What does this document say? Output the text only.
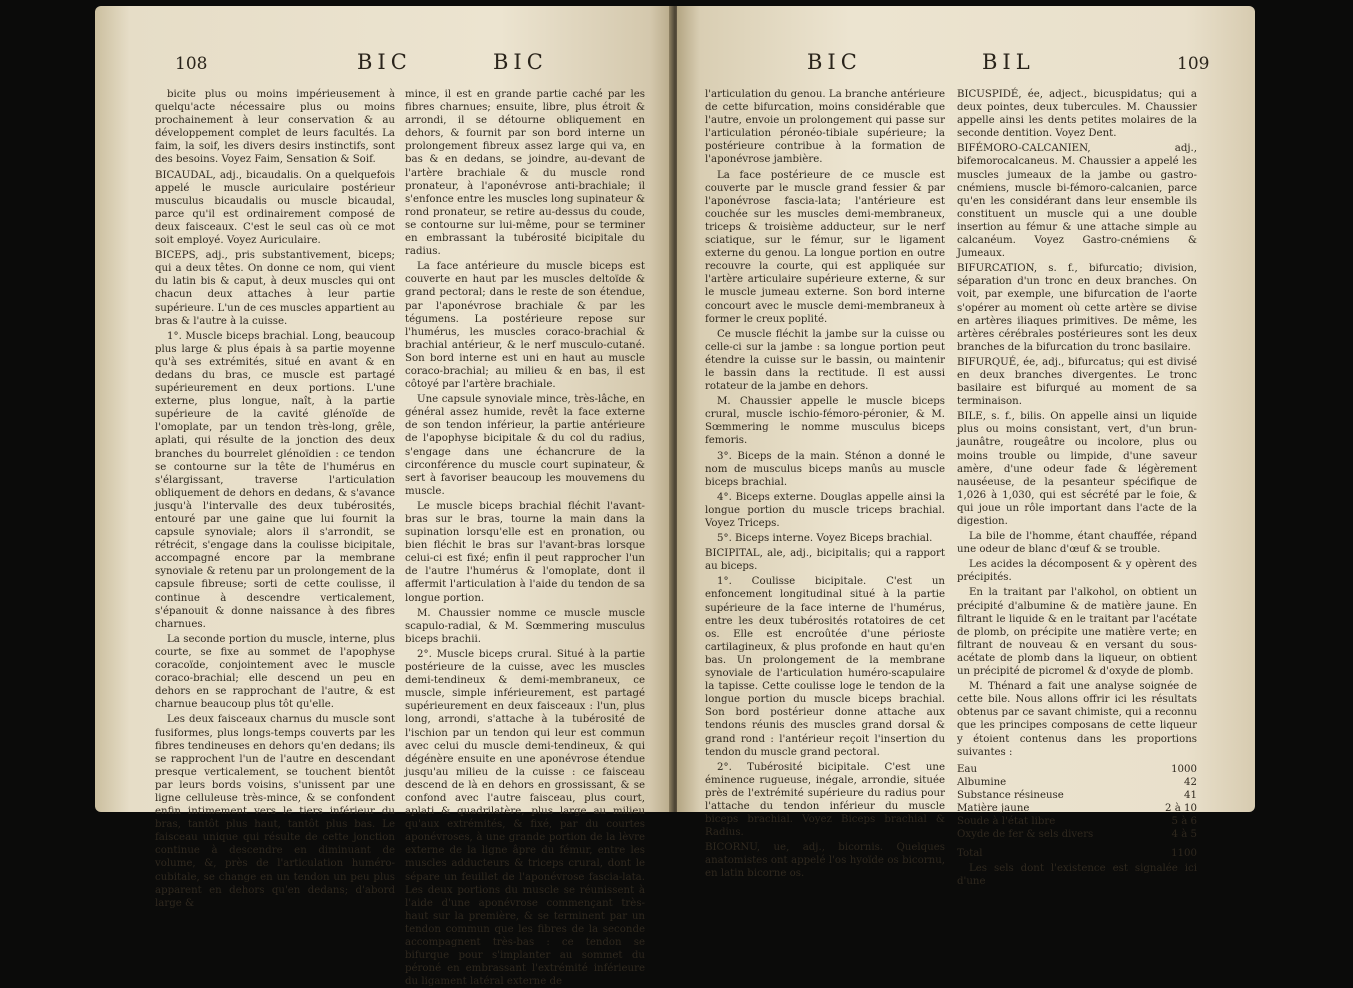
108	BIC	BIC

bicite plus ou moins impérieusement à quelqu'acte nécessaire plus ou moins prochainement à leur conservation & au développement complet de leurs facultés. La faim, la soif, les divers desirs instinctifs, sont des besoins. Voyez Faim, Sensation & Soif.

BICAUDAL, adj., bicaudalis. On a quelquefois appelé le muscle auriculaire postérieur musculus bicaudalis ou muscle bicaudal, parce qu'il est ordinairement composé de deux faisceaux. C'est le seul cas où ce mot soit employé. Voyez Auriculaire.

BICEPS, adj., pris substantivement, biceps; qui a deux têtes. On donne ce nom, qui vient du latin bis & caput, à deux muscles qui ont chacun deux attaches à leur partie supérieure. L'un de ces muscles appartient au bras & l'autre à la cuisse.

1°. Muscle biceps brachial. Long, beaucoup plus large & plus épais à sa partie moyenne qu'à ses extrémités, situé en avant & en dedans du bras, ce muscle est partagé supérieurement en deux portions. L'une externe, plus longue, naît, à la partie supérieure de la cavité glénoïde de l'omoplate, par un tendon très-long, grêle, aplati, qui résulte de la jonction des deux branches du bourrelet glénoïdien : ce tendon se contourne sur la tête de l'humérus en s'élargissant, traverse l'articulation obliquement de dehors en dedans, & s'avance jusqu'à l'intervalle des deux tubérosités, entouré par une gaine que lui fournit la capsule synoviale; alors il s'arrondit, se rétrécit, s'engage dans la coulisse bicipitale, accompagné encore par la membrane synoviale & retenu par un prolongement de la capsule fibreuse; sorti de cette coulisse, il continue à descendre verticalement, s'épanouit & donne naissance à des fibres charnues.

La seconde portion du muscle, interne, plus courte, se fixe au sommet de l'apophyse coracoïde, conjointement avec le muscle coraco-brachial; elle descend un peu en dehors en se rapprochant de l'autre, & est charnue beaucoup plus tôt qu'elle.

Les deux faisceaux charnus du muscle sont fusiformes, plus longs-temps couverts par les fibres tendineuses en dehors qu'en dedans; ils se rapprochent l'un de l'autre en descendant presque verticalement, se touchent bientôt par leurs bords voisins, s'unissent par une ligne celluleuse très-mince, & se confondent enfin intimement vers le tiers inférieur du bras, tantôt plus haut, tantôt plus bas. Le faisceau unique qui résulte de cette jonction continue à descendre en diminuant de volume, &, près de l'articulation huméro-cubitale, se change en un tendon un peu plus apparent en dehors qu'en dedans; d'abord large &

mince, il est en grande partie caché par les fibres charnues; ensuite, libre, plus étroit & arrondi, il se détourne obliquement en dehors, & fournit par son bord interne un prolongement fibreux assez large qui va, en bas & en dedans, se joindre, au-devant de l'artère brachiale & du muscle rond pronateur, à l'aponévrose anti-brachiale; il s'enfonce entre les muscles long supinateur & rond pronateur, se retire au-dessus du coude, se contourne sur lui-même, pour se terminer en embrassant la tubérosité bicipitale du radius.

La face antérieure du muscle biceps est couverte en haut par les muscles deltoïde & grand pectoral; dans le reste de son étendue, par l'aponévrose brachiale & par les tégumens. La postérieure repose sur l'humérus, les muscles coraco-brachial & brachial antérieur, & le nerf musculo-cutané. Son bord interne est uni en haut au muscle coraco-brachial; au milieu & en bas, il est côtoyé par l'artère brachiale.

Une capsule synoviale mince, très-lâche, en général assez humide, revêt la face externe de son tendon inférieur, la partie antérieure de l'apophyse bicipitale & du col du radius, s'engage dans une échancrure de la circonférence du muscle court supinateur, & sert à favoriser beaucoup les mouvemens du muscle.

Le muscle biceps brachial fléchit l'avant-bras sur le bras, tourne la main dans la supination lorsqu'elle est en pronation, ou bien fléchit le bras sur l'avant-bras lorsque celui-ci est fixé; enfin il peut rapprocher l'un de l'autre l'humérus & l'omoplate, dont il affermit l'articulation à l'aide du tendon de sa longue portion.

M. Chaussier nomme ce muscle muscle scapulo-radial, & M. Sœmmering musculus biceps brachii.

2°. Muscle biceps crural. Situé à la partie postérieure de la cuisse, avec les muscles demi-tendineux & demi-membraneux, ce muscle, simple inférieurement, est partagé supérieurement en deux faisceaux : l'un, plus long, arrondi, s'attache à la tubérosité de l'ischion par un tendon qui leur est commun avec celui du muscle demi-tendineux, & qui dégénère ensuite en une aponévrose étendue jusqu'au milieu de la cuisse : ce faisceau descend de là en dehors en grossissant, & se confond avec l'autre faisceau, plus court, aplati & quadrilatère, plus large au milieu qu'aux extrémités, & fixé, par du courtes aponévroses, à une grande portion de la lèvre externe de la ligne âpre du fémur, entre les muscles adducteurs & triceps crural, dont le sépare un feuillet de l'aponévrose fascia-lata. Les deux portions du muscle se réunissent à l'aide d'une aponévrose commençant très-haut sur la première, & se terminent par un tendon commun que les fibres de la seconde accompagnent très-bas : ce tendon se bifurque pour s'implanter au sommet du péroné en embrassant l'extrémité inférieure du ligament latéral externe de

BIC	BIL	109

l'articulation du genou. La branche antérieure de cette bifurcation, moins considérable que l'autre, envoie un prolongement qui passe sur l'articulation péronéo-tibiale supérieure; la postérieure contribue à la formation de l'aponévrose jambière.

La face postérieure de ce muscle est couverte par le muscle grand fessier & par l'aponévrose fascia-lata; l'antérieure est couchée sur les muscles demi-membraneux, triceps & troisième adducteur, sur le nerf sciatique, sur le fémur, sur le ligament externe du genou. La longue portion en outre recouvre la courte, qui est appliquée sur l'artère articulaire supérieure externe, & sur le muscle jumeau externe. Son bord interne concourt avec le muscle demi-membraneux à former le creux poplité.

Ce muscle fléchit la jambe sur la cuisse ou celle-ci sur la jambe : sa longue portion peut étendre la cuisse sur le bassin, ou maintenir le bassin dans la rectitude. Il est aussi rotateur de la jambe en dehors.

M. Chaussier appelle le muscle biceps crural, muscle ischio-fémoro-péronier, & M. Sœmmering le nomme musculus biceps femoris.

3°. Biceps de la main. Sténon a donné le nom de musculus biceps manûs au muscle biceps brachial.

4°. Biceps externe. Douglas appelle ainsi la longue portion du muscle triceps brachial. Voyez Triceps.

5°. Biceps interne. Voyez Biceps brachial.

BICIPITAL, ale, adj., bicipitalis; qui a rapport au biceps.

1°. Coulisse bicipitale. C'est un enfoncement longitudinal situé à la partie supérieure de la face interne de l'humérus, entre les deux tubérosités rotatoires de cet os. Elle est encroûtée d'une périoste cartilagineux, & plus profonde en haut qu'en bas. Un prolongement de la membrane synoviale de l'articulation huméro-scapulaire la tapisse. Cette coulisse loge le tendon de la longue portion du muscle biceps brachial. Son bord postérieur donne attache aux tendons réunis des muscles grand dorsal & grand rond : l'antérieur reçoit l'insertion du tendon du muscle grand pectoral.

2°. Tubérosité bicipitale. C'est une éminence rugueuse, inégale, arrondie, située près de l'extrémité supérieure du radius pour l'attache du tendon inférieur du muscle biceps brachial. Voyez Biceps brachial & Radius.

BICORNU, ue, adj., bicornis. Quelques anatomistes ont appelé l'os hyoïde os bicornu, en latin bicorne os.

BICUSPIDÉ, ée, adject., bicuspidatus; qui a deux pointes, deux tubercules. M. Chaussier appelle ainsi les dents petites molaires de la seconde dentition. Voyez Dent.

BIFÉMORO-CALCANIEN, adj., bifemorocalcaneus. M. Chaussier a appelé les muscles jumeaux de la jambe ou gastro-cnémiens, muscle bi-fémoro-calcanien, parce qu'en les considérant dans leur ensemble ils constituent un muscle qui a une double insertion au fémur & une attache simple au calcanéum. Voyez Gastro-cnémiens & Jumeaux.

BIFURCATION, s. f., bifurcatio; division, séparation d'un tronc en deux branches. On voit, par exemple, une bifurcation de l'aorte s'opérer au moment où cette artère se divise en artères iliaques primitives. De même, les artères cérébrales postérieures sont les deux branches de la bifurcation du tronc basilaire.

BIFURQUÉ, ée, adj., bifurcatus; qui est divisé en deux branches divergentes. Le tronc basilaire est bifurqué au moment de sa terminaison.

BILE, s. f., bilis. On appelle ainsi un liquide plus ou moins consistant, vert, d'un brun-jaunâtre, rougeâtre ou incolore, plus ou moins trouble ou limpide, d'une saveur amère, d'une odeur fade & légèrement nauséeuse, de la pesanteur spécifique de 1,026 à 1,030, qui est sécrété par le foie, & qui joue un rôle important dans l'acte de la digestion.

La bile de l'homme, étant chauffée, répand une odeur de blanc d'œuf & se trouble.

Les acides la décomposent & y opèrent des précipités.

En la traitant par l'alkohol, on obtient un précipité d'albumine & de matière jaune. En filtrant le liquide & en le traitant par l'acétate de plomb, on précipite une matière verte; en filtrant de nouveau & en versant du sous-acétate de plomb dans la liqueur, on obtient un précipité de picromel & d'oxyde de plomb.

M. Thénard a fait une analyse soignée de cette bile. Nous allons offrir ici les résultats obtenus par ce savant chimiste, qui a reconnu que les principes composans de cette liqueur y étoient contenus dans les proportions suivantes :

Eau	1000
Albumine	42
Substance résineuse	41
Matière jaune	2 à 10
Soude à l'état libre	5 à 6
Oxyde de fer & sels divers	4 à 5
Total	1100

Les sels dont l'existence est signalée ici d'une
